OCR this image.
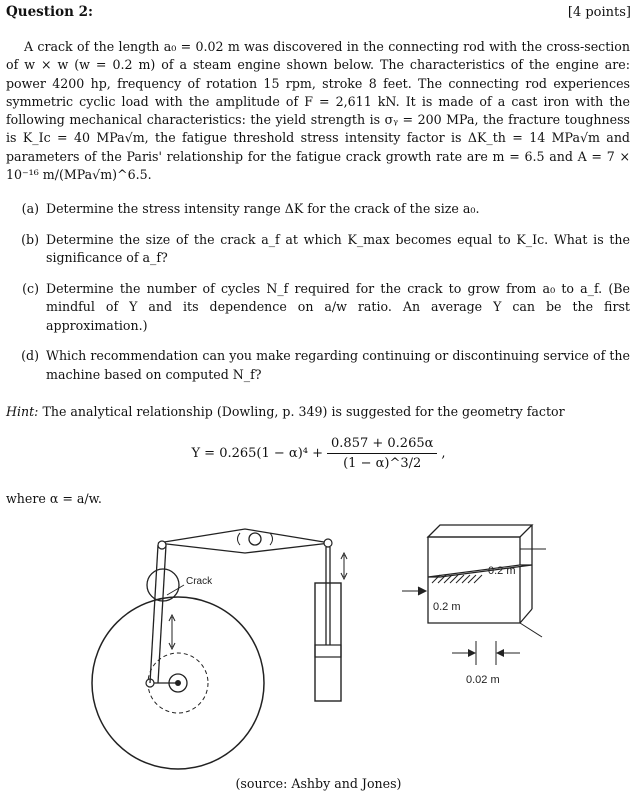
Question 2:	[4 points]

A crack of the length a₀ = 0.02 m was discovered in the connecting rod with the cross-section of w × w (w = 0.2 m) of a steam engine shown below. The characteristics of the engine are: power 4200 hp, frequency of rotation 15 rpm, stroke 8 feet. The connecting rod experiences symmetric cyclic load with the amplitude of F = 2,611 kN. It is made of a cast iron with the following mechanical characteristics: the yield strength is σᵧ = 200 MPa, the fracture toughness is K_Ic = 40 MPa√m, the fatigue threshold stress intensity factor is ΔK_th = 14 MPa√m and parameters of the Paris' relationship for the fatigue crack growth rate are m = 6.5 and A = 7 × 10⁻¹⁶ m/(MPa√m)^6.5.

(a) Determine the stress intensity range ΔK for the crack of the size a₀.
(b) Determine the size of the crack a_f at which K_max becomes equal to K_Ic. What is the significance of a_f?
(c) Determine the number of cycles N_f required for the crack to grow from a₀ to a_f. (Be mindful of Y and its dependence on a/w ratio. An average Y can be the first approximation.)
(d) Which recommendation can you make regarding continuing or discontinuing service of the machine based on computed N_f?

Hint: The analytical relationship (Dowling, p. 349) is suggested for the geometry factor

$Y = 0.265(1 - \alpha)^4 + \frac{0.857 + 0.265\alpha}{(1 - \alpha)\^{}3/2}$ ,

where α = a/w.

Crack
0.2 m
0.2 m
0.02 m
(source: Ashby and Jones)
